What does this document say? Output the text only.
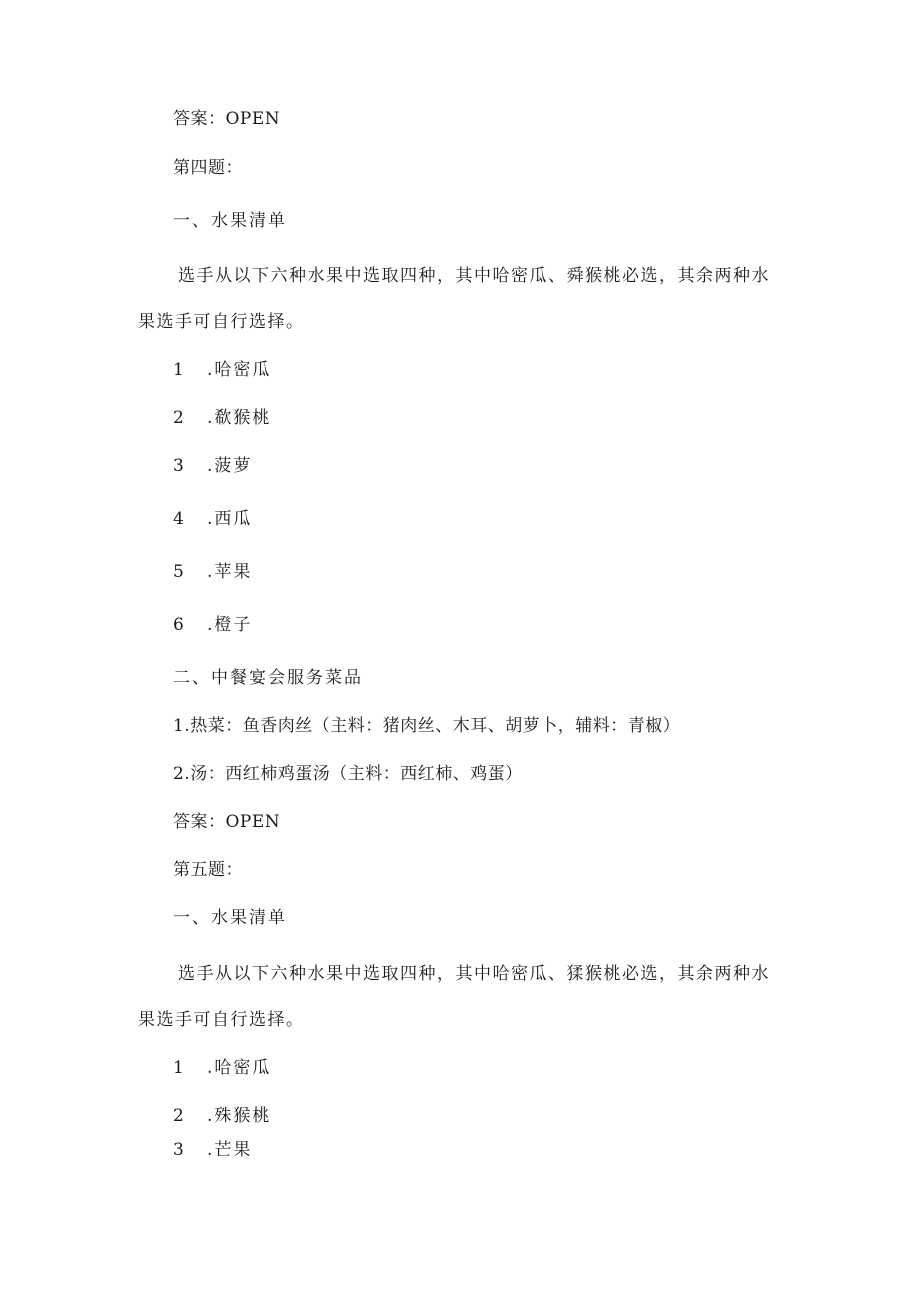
答案：OPEN
第四题：
一、水果清单
选手从以下六种水果中选取四种，其中哈密瓜、舜猴桃必选，其余两种水
果选手可自行选择。
1 .哈密瓜
2 .欷猴桃
3 .菠萝
4 .西瓜
5 .苹果
6 .橙子
二、中餐宴会服务菜品
1.热菜：鱼香肉丝（主料：猪肉丝、木耳、胡萝卜，辅料：青椒）
2.汤：西红柿鸡蛋汤（主料：西红柿、鸡蛋）
答案：OPEN
第五题：
一、水果清单
选手从以下六种水果中选取四种，其中哈密瓜、猱猴桃必选，其余两种水
果选手可自行选择。
1 .哈密瓜
2 .殊猴桃
3 .芒果
